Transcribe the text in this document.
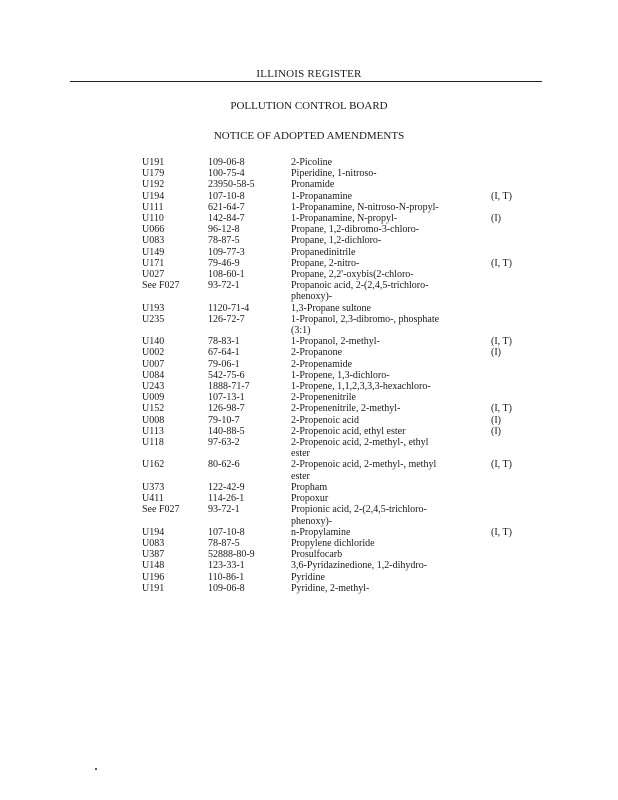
ILLINOIS REGISTER
POLLUTION CONTROL BOARD
NOTICE OF ADOPTED AMENDMENTS
U191	109-06-8	2-Picoline	
U179	100-75-4	Piperidine, 1-nitroso-	
U192	23950-58-5	Pronamide	
U194	107-10-8	1-Propanamine	(I, T)
U111	621-64-7	1-Propanamine, N-nitroso-N-propyl-	
U110	142-84-7	1-Propanamine, N-propyl-	(I)
U066	96-12-8	Propane, 1,2-dibromo-3-chloro-	
U083	78-87-5	Propane, 1,2-dichloro-	
U149	109-77-3	Propanedinitrile	
U171	79-46-9	Propane, 2-nitro-	(I, T)
U027	108-60-1	Propane, 2,2'-oxybis(2-chloro-	
See F027	93-72-1	Propanoic acid, 2-(2,4,5-trichloro-	
		phenoxy)-	
U193	1120-71-4	1,3-Propane sultone	
U235	126-72-7	1-Propanol, 2,3-dibromo-, phosphate	
		(3:1)	
U140	78-83-1	1-Propanol, 2-methyl-	(I, T)
U002	67-64-1	2-Propanone	(I)
U007	79-06-1	2-Propenamide	
U084	542-75-6	1-Propene, 1,3-dichloro-	
U243	1888-71-7	1-Propene, 1,1,2,3,3,3-hexachloro-	
U009	107-13-1	2-Propenenitrile	
U152	126-98-7	2-Propenenitrile, 2-methyl-	(I, T)
U008	79-10-7	2-Propenoic acid	(I)
U113	140-88-5	2-Propenoic acid, ethyl ester	(I)
U118	97-63-2	2-Propenoic acid, 2-methyl-, ethyl	
		ester	
U162	80-62-6	2-Propenoic acid, 2-methyl-, methyl	(I, T)
		ester	
U373	122-42-9	Propham	
U411	114-26-1	Propoxur	
See F027	93-72-1	Propionic acid, 2-(2,4,5-trichloro-	
		phenoxy)-	
U194	107-10-8	n-Propylamine	(I, T)
U083	78-87-5	Propylene dichloride	
U387	52888-80-9	Prosulfocarb	
U148	123-33-1	3,6-Pyridazinedione, 1,2-dihydro-	
U196	110-86-1	Pyridine	
U191	109-06-8	Pyridine, 2-methyl-	
